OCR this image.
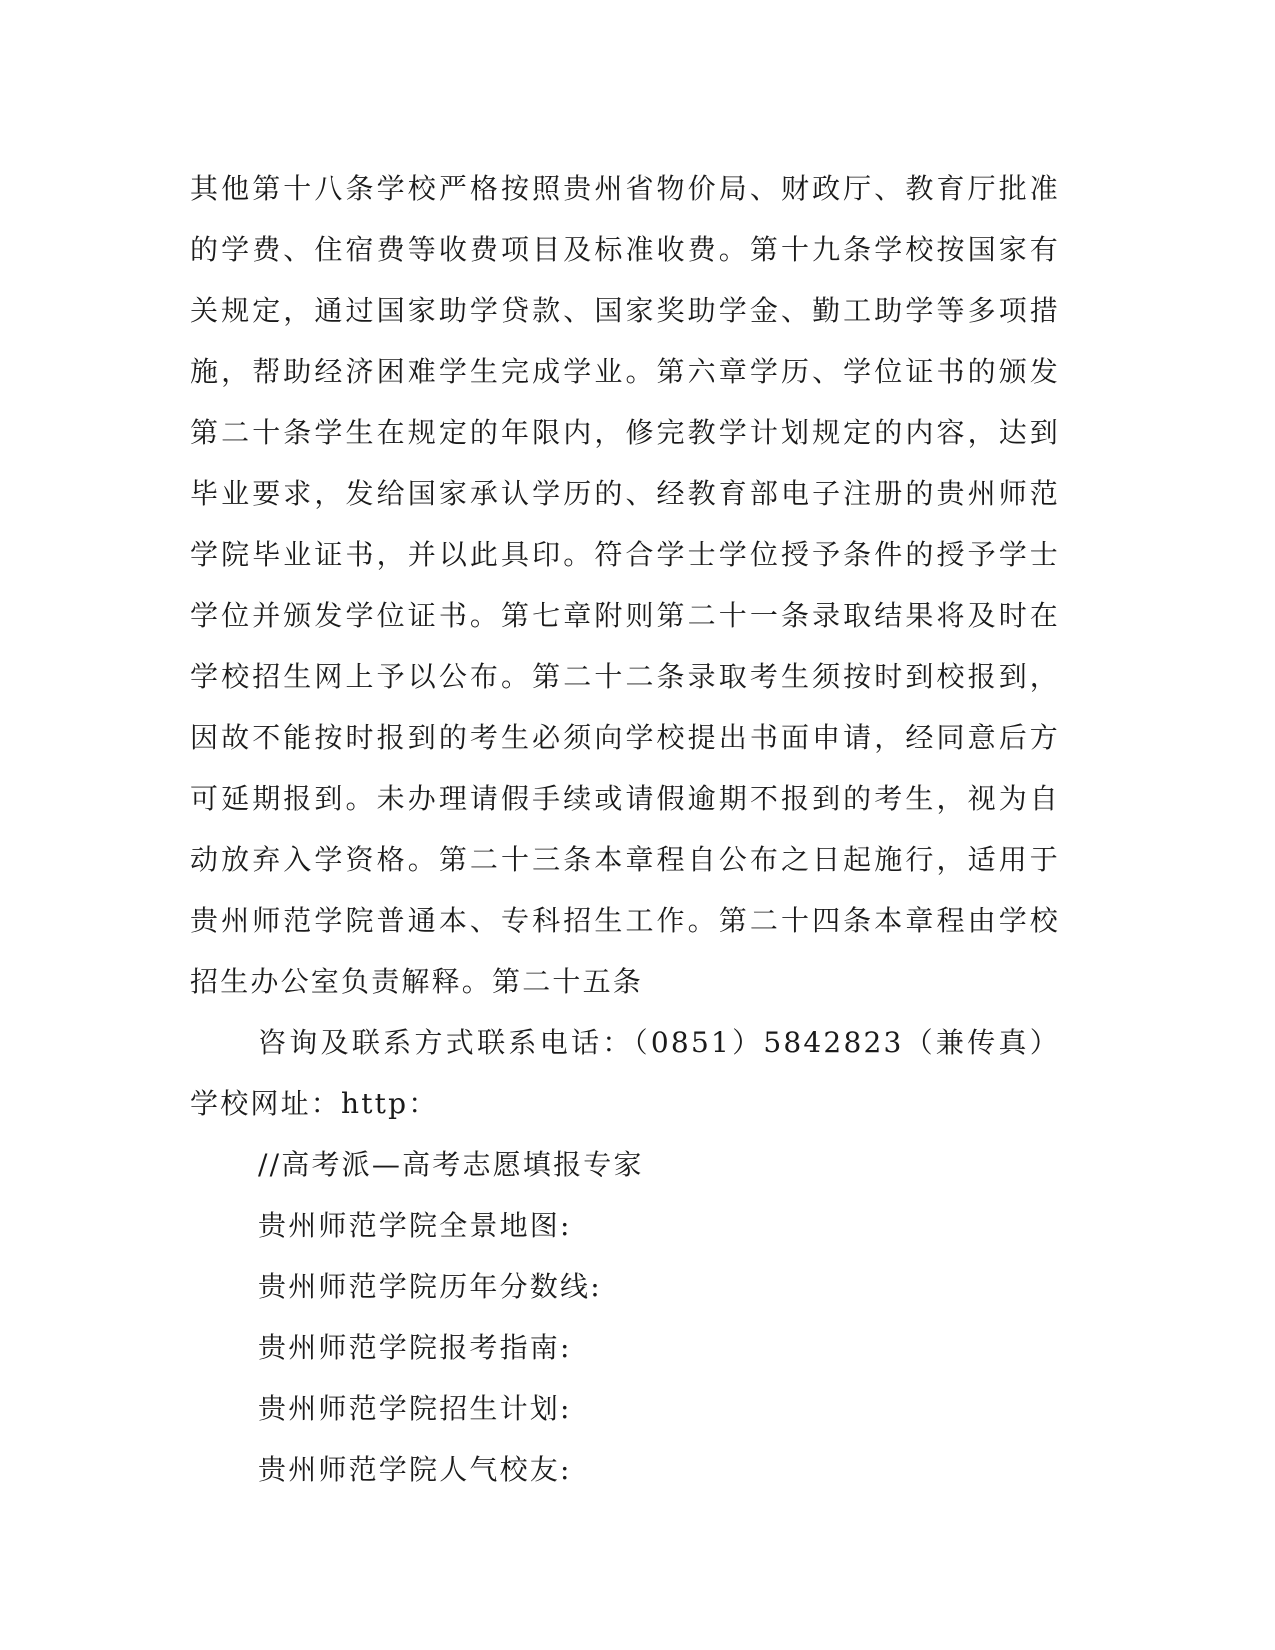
其他第十八条学校严格按照贵州省物价局、财政厅、教育厅批准的学费、住宿费等收费项目及标准收费。第十九条学校按国家有关规定，通过国家助学贷款、国家奖助学金、勤工助学等多项措施，帮助经济困难学生完成学业。第六章学历、学位证书的颁发第二十条学生在规定的年限内，修完教学计划规定的内容，达到毕业要求，发给国家承认学历的、经教育部电子注册的贵州师范学院毕业证书，并以此具印。符合学士学位授予条件的授予学士学位并颁发学位证书。第七章附则第二十一条录取结果将及时在学校招生网上予以公布。第二十二条录取考生须按时到校报到，因故不能按时报到的考生必须向学校提出书面申请，经同意后方可延期报到。未办理请假手续或请假逾期不报到的考生，视为自动放弃入学资格。第二十三条本章程自公布之日起施行，适用于贵州师范学院普通本、专科招生工作。第二十四条本章程由学校招生办公室负责解释。第二十五条

咨询及联系方式联系电话：（0851）5842823（兼传真）学校网址：http：

//高考派—高考志愿填报专家
贵州师范学院全景地图:
贵州师范学院历年分数线:
贵州师范学院报考指南:
贵州师范学院招生计划:
贵州师范学院人气校友:
